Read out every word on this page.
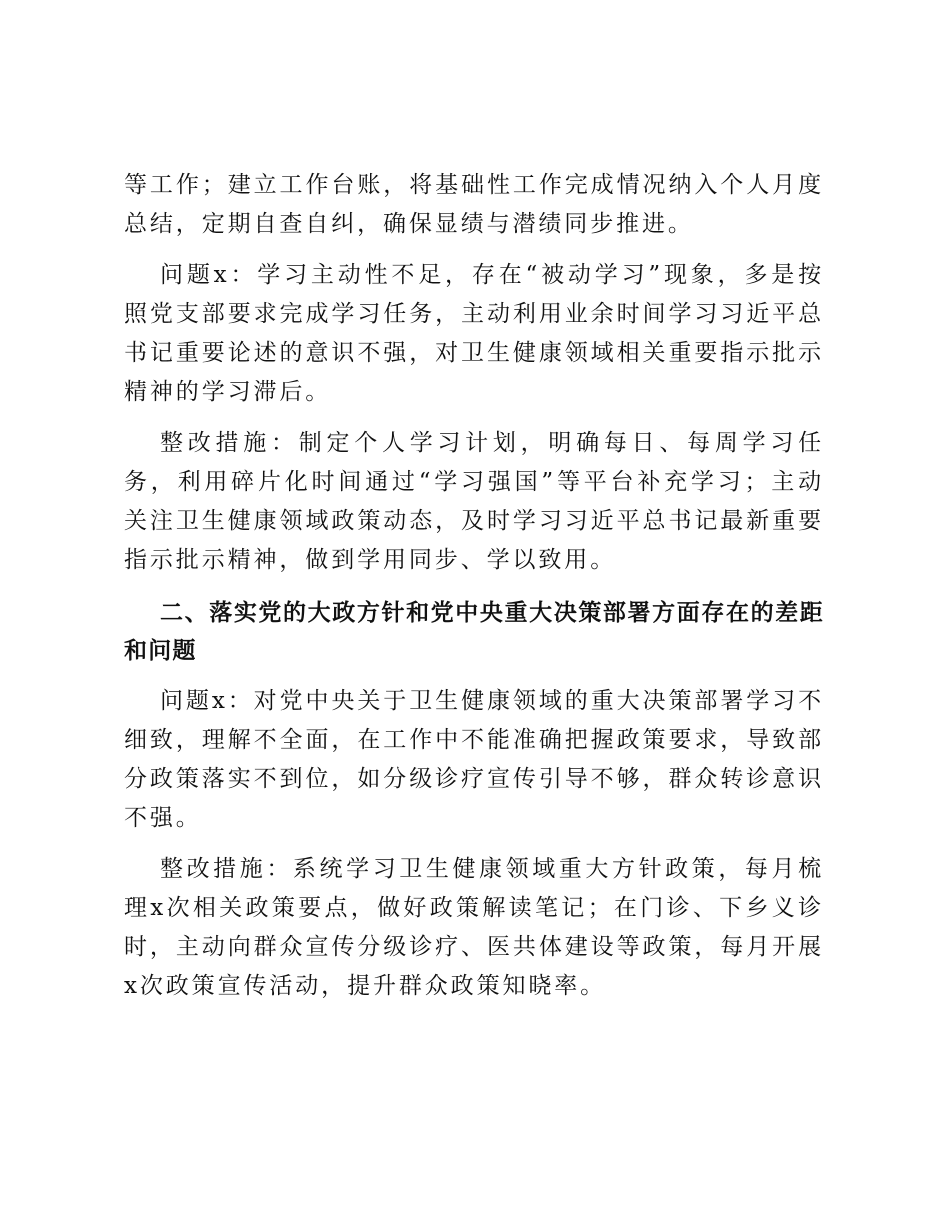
等工作；建立工作台账，将基础性工作完成情况纳入个人月度总结，定期自查自纠，确保显绩与潜绩同步推进。

问题x：学习主动性不足，存在“被动学习”现象，多是按照党支部要求完成学习任务，主动利用业余时间学习习近平总书记重要论述的意识不强，对卫生健康领域相关重要指示批示精神的学习滞后。

整改措施：制定个人学习计划，明确每日、每周学习任务，利用碎片化时间通过“学习强国”等平台补充学习；主动关注卫生健康领域政策动态，及时学习习近平总书记最新重要指示批示精神，做到学用同步、学以致用。

二、落实党的大政方针和党中央重大决策部署方面存在的差距和问题

问题x：对党中央关于卫生健康领域的重大决策部署学习不细致，理解不全面，在工作中不能准确把握政策要求，导致部分政策落实不到位，如分级诊疗宣传引导不够，群众转诊意识不强。

整改措施：系统学习卫生健康领域重大方针政策，每月梳理x次相关政策要点，做好政策解读笔记；在门诊、下乡义诊时，主动向群众宣传分级诊疗、医共体建设等政策，每月开展x次政策宣传活动，提升群众政策知晓率。
